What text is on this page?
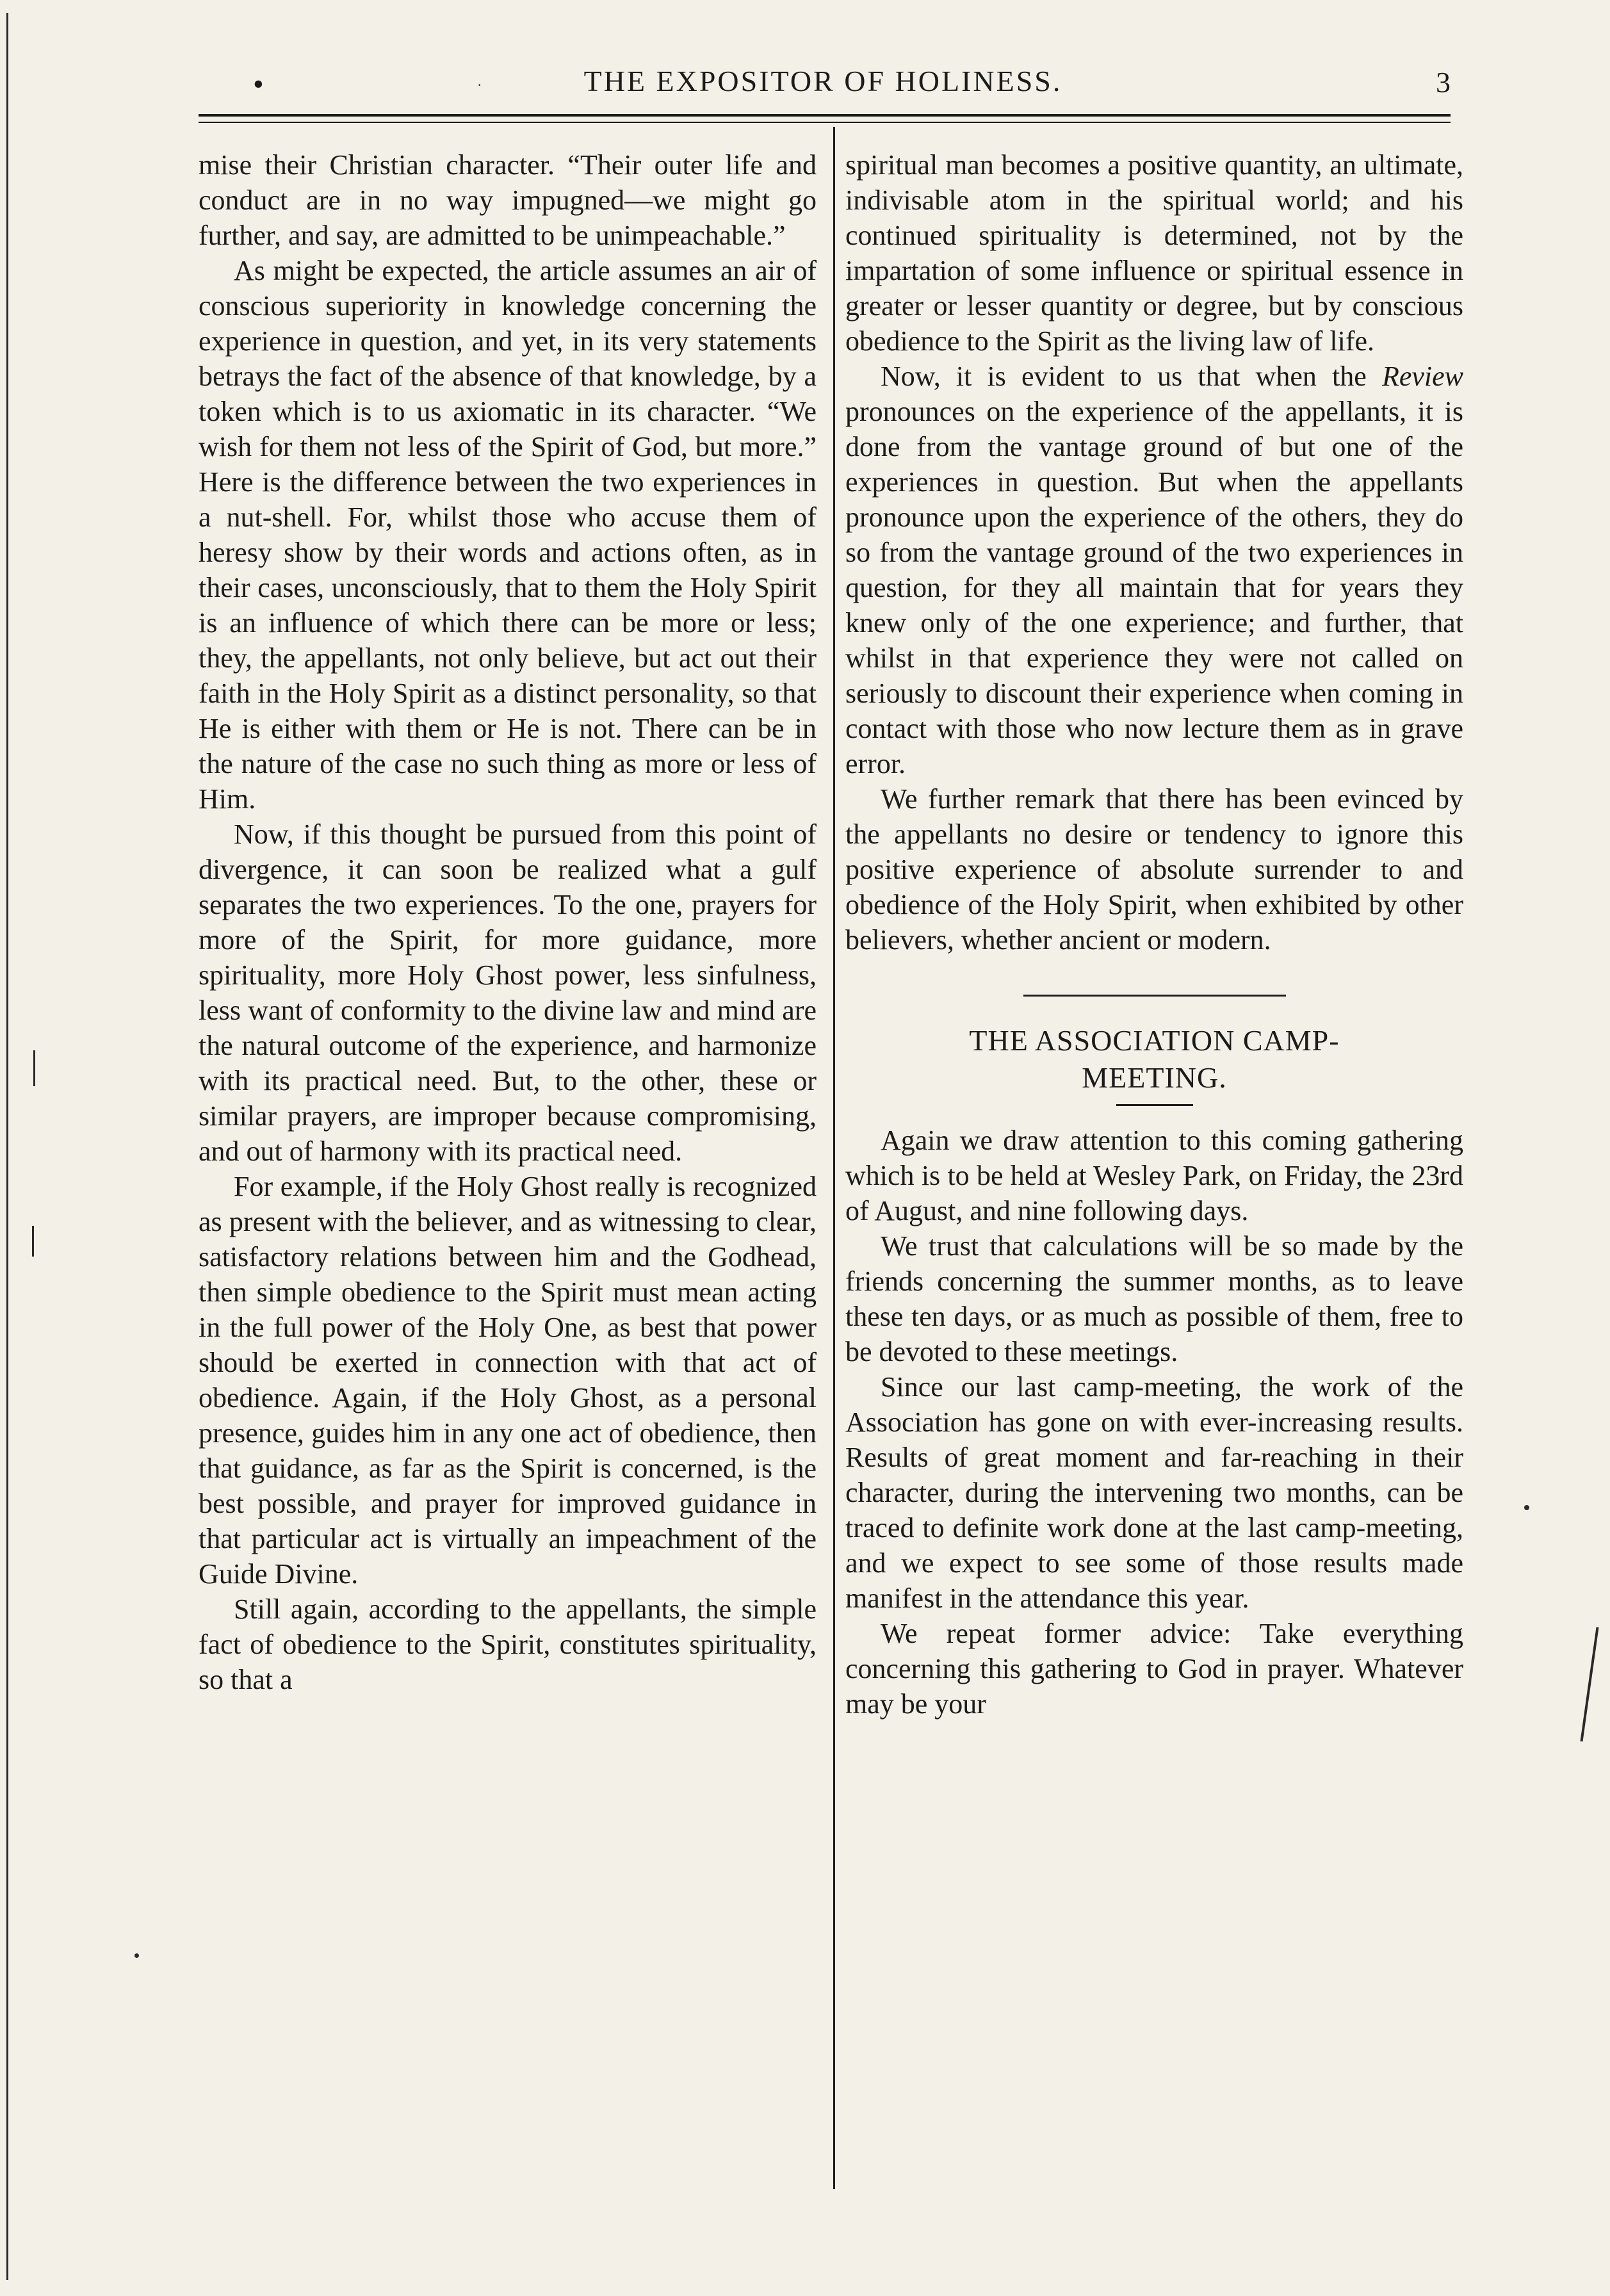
•	·	THE EXPOSITOR OF HOLINESS.	3

mise their Christian character. “Their outer life and conduct are in no way impugned—we might go further, and say, are admitted to be unimpeachable.”

As might be expected, the article assumes an air of conscious superiority in knowledge concerning the experience in question, and yet, in its very statements betrays the fact of the absence of that knowledge, by a token which is to us axiomatic in its character. “We wish for them not less of the Spirit of God, but more.” Here is the difference between the two experiences in a nut-shell. For, whilst those who accuse them of heresy show by their words and actions often, as in their cases, unconsciously, that to them the Holy Spirit is an influence of which there can be more or less; they, the appellants, not only believe, but act out their faith in the Holy Spirit as a distinct personality, so that He is either with them or He is not. There can be in the nature of the case no such thing as more or less of Him.

Now, if this thought be pursued from this point of divergence, it can soon be realized what a gulf separates the two experiences. To the one, prayers for more of the Spirit, for more guidance, more spirituality, more Holy Ghost power, less sinfulness, less want of conformity to the divine law and mind are the natural outcome of the experience, and harmonize with its practical need. But, to the other, these or similar prayers, are improper because compromising, and out of harmony with its practical need.

For example, if the Holy Ghost really is recognized as present with the believer, and as witnessing to clear, satisfactory relations between him and the Godhead, then simple obedience to the Spirit must mean acting in the full power of the Holy One, as best that power should be exerted in connection with that act of obedience. Again, if the Holy Ghost, as a personal presence, guides him in any one act of obedience, then that guidance, as far as the Spirit is concerned, is the best possible, and prayer for improved guidance in that particular act is virtually an impeachment of the Guide Divine.

Still again, according to the appellants, the simple fact of obedience to the Spirit, constitutes spirituality, so that a

spiritual man becomes a positive quantity, an ultimate, indivisable atom in the spiritual world; and his continued spirituality is determined, not by the impartation of some influence or spiritual essence in greater or lesser quantity or degree, but by conscious obedience to the Spirit as the living law of life.

Now, it is evident to us that when the Review pronounces on the experience of the appellants, it is done from the vantage ground of but one of the experiences in question. But when the appellants pronounce upon the experience of the others, they do so from the vantage ground of the two experiences in question, for they all maintain that for years they knew only of the one experience; and further, that whilst in that experience they were not called on seriously to discount their experience when coming in contact with those who now lecture them as in grave error.

We further remark that there has been evinced by the appellants no desire or tendency to ignore this positive experience of absolute surrender to and obedience of the Holy Spirit, when exhibited by other believers, whether ancient or modern.

THE ASSOCIATION CAMP-
MEETING.

Again we draw attention to this coming gathering which is to be held at Wesley Park, on Friday, the 23rd of August, and nine following days.

We trust that calculations will be so made by the friends concerning the summer months, as to leave these ten days, or as much as possible of them, free to be devoted to these meetings.

Since our last camp-meeting, the work of the Association has gone on with ever-increasing results. Results of great moment and far-reaching in their character, during the intervening two months, can be traced to definite work done at the last camp-meeting, and we expect to see some of those results made manifest in the attendance this year.

We repeat former advice: Take everything concerning this gathering to God in prayer. Whatever may be your
